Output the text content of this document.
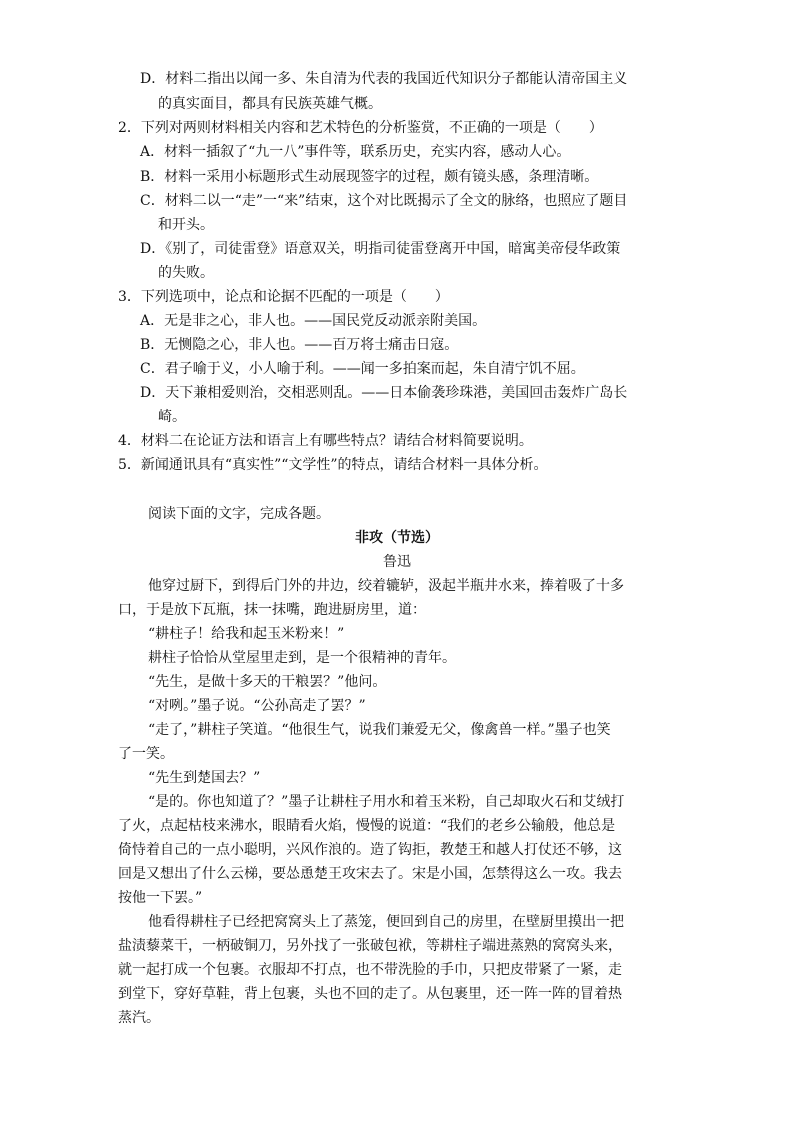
D．材料二指出以闻一多、朱自清为代表的我国近代知识分子都能认清帝国主义
的真实面目，都具有民族英雄气概。
2．下列对两则材料相关内容和艺术特色的分析鉴赏，不正确的一项是（　　）
A．材料一插叙了“九一八”事件等，联系历史，充实内容，感动人心。
B．材料一采用小标题形式生动展现签字的过程，颇有镜头感，条理清晰。
C．材料二以一“走”一“来”结束，这个对比既揭示了全文的脉络，也照应了题目
和开头。
D．《别了，司徒雷登》语意双关，明指司徒雷登离开中国，暗寓美帝侵华政策
的失败。
3．下列选项中，论点和论据不匹配的一项是（　　）
A．无是非之心，非人也。——国民党反动派亲附美国。
B．无恻隐之心，非人也。——百万将士痛击日寇。
C．君子喻于义，小人喻于利。——闻一多拍案而起，朱自清宁饥不屈。
D．天下兼相爱则治，交相恶则乱。——日本偷袭珍珠港，美国回击轰炸广岛长
崎。
4．材料二在论证方法和语言上有哪些特点？请结合材料简要说明。
5．新闻通讯具有“真实性”“文学性”的特点，请结合材料一具体分析。
阅读下面的文字，完成各题。
非攻（节选）
鲁迅
他穿过厨下，到得后门外的井边，绞着辘轳，汲起半瓶井水来，捧着吸了十多
口，于是放下瓦瓶，抹一抹嘴，跑进厨房里，道：
“耕柱子！给我和起玉米粉来！”
耕柱子恰恰从堂屋里走到，是一个很精神的青年。
“先生，是做十多天的干粮罢？”他问。
“对咧。”墨子说。“公孙高走了罢？”
“走了，”耕柱子笑道。“他很生气，说我们兼爱无父，像禽兽一样。”墨子也笑
了一笑。
“先生到楚国去？”
“是的。你也知道了？”墨子让耕柱子用水和着玉米粉，自己却取火石和艾绒打
了火，点起枯枝来沸水，眼睛看火焰，慢慢的说道：“我们的老乡公输般，他总是
倚恃着自己的一点小聪明，兴风作浪的。造了钩拒，教楚王和越人打仗还不够，这
回是又想出了什么云梯，要怂恿楚王攻宋去了。宋是小国，怎禁得这么一攻。我去
按他一下罢。”
他看得耕柱子已经把窝窝头上了蒸笼，便回到自己的房里，在壁厨里摸出一把
盐渍藜菜干，一柄破铜刀，另外找了一张破包袱，等耕柱子端进蒸熟的窝窝头来，
就一起打成一个包裹。衣服却不打点，也不带洗脸的手巾，只把皮带紧了一紧，走
到堂下，穿好草鞋，背上包裹，头也不回的走了。从包裹里，还一阵一阵的冒着热
蒸汽。
